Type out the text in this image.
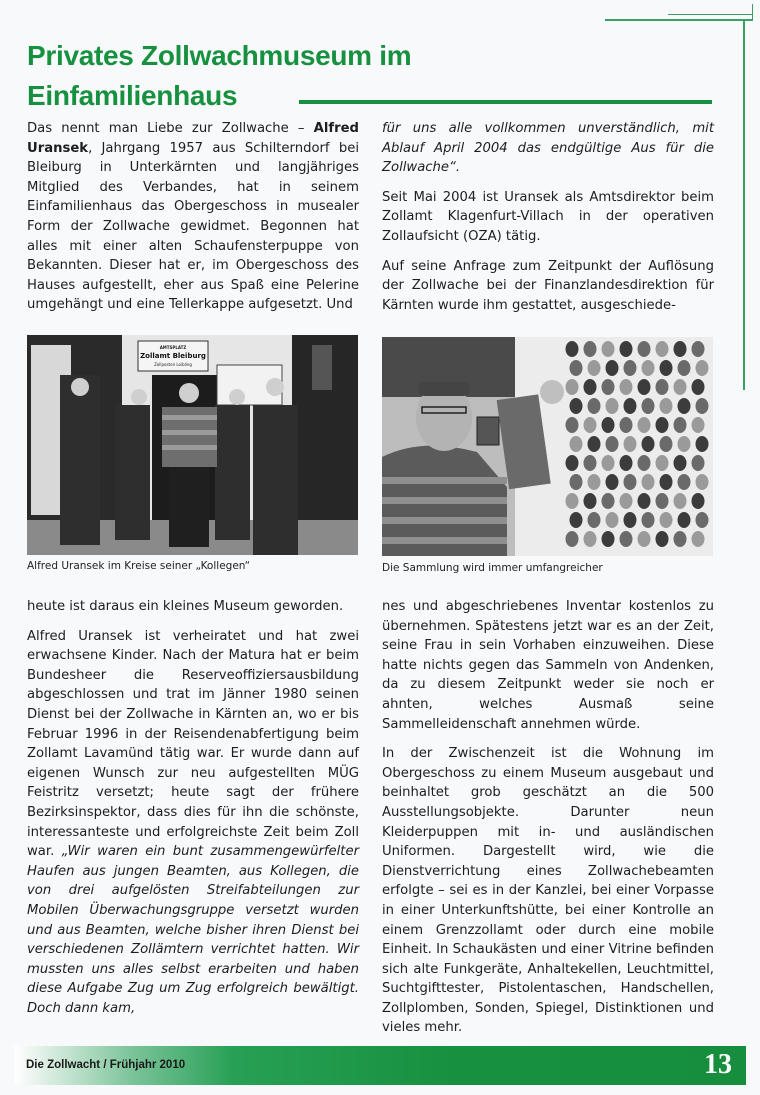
Privates Zollwachmuseum im
Einfamilienhaus

Das nennt man Liebe zur Zollwache – Alfred Uransek, Jahrgang 1957 aus Schilterndorf bei Bleiburg in Unterkärnten und langjähriges Mitglied des Verbandes, hat in seinem Einfamilienhaus das Obergeschoss in musealer Form der Zollwache gewidmet. Begonnen hat alles mit einer alten Schaufensterpuppe von Bekannten. Dieser hat er, im Obergeschoss des Hauses aufgestellt, eher aus Spaß eine Pelerine umgehängt und eine Tellerkappe aufgesetzt. Und

für uns alle vollkommen unverständlich, mit Ablauf April 2004 das endgültige Aus für die Zollwache“.

Seit Mai 2004 ist Uransek als Amtsdirektor beim Zollamt Klagenfurt-Villach in der operativen Zollaufsicht (OZA) tätig.

Auf seine Anfrage zum Zeitpunkt der Auflösung der Zollwache bei der Finanzlandesdirektion für Kärnten wurde ihm gestattet, ausgeschiede-

AMTSPLATZ
Zollamt Bleiburg
Zollposten Loibling
Alfred Uransek im Kreise seiner „Kollegen“	Die Sammlung wird immer umfangreicher

heute ist daraus ein kleines Museum geworden.

Alfred Uransek ist verheiratet und hat zwei erwachsene Kinder. Nach der Matura hat er beim Bundesheer die Reserveoffiziersausbildung abgeschlossen und trat im Jänner 1980 seinen Dienst bei der Zollwache in Kärnten an, wo er bis Februar 1996 in der Reisendenabfertigung beim Zollamt Lavamünd tätig war. Er wurde dann auf eigenen Wunsch zur neu aufgestellten MÜG Feistritz versetzt; heute sagt der frühere Bezirksinspektor, dass dies für ihn die schönste, interessanteste und erfolgreichste Zeit beim Zoll war. „Wir waren ein bunt zusammengewürfelter Haufen aus jungen Beamten, aus Kollegen, die von drei aufgelösten Streifabteilungen zur Mobilen Überwachungsgruppe versetzt wurden und aus Beamten, welche bisher ihren Dienst bei verschiedenen Zollämtern verrichtet hatten. Wir mussten uns alles selbst erarbeiten und haben diese Aufgabe Zug um Zug erfolgreich bewältigt. Doch dann kam,

nes und abgeschriebenes Inventar kostenlos zu übernehmen. Spätestens jetzt war es an der Zeit, seine Frau in sein Vorhaben einzuweihen. Diese hatte nichts gegen das Sammeln von Andenken, da zu diesem Zeitpunkt weder sie noch er ahnten, welches Ausmaß seine Sammelleidenschaft annehmen würde.

In der Zwischenzeit ist die Wohnung im Obergeschoss zu einem Museum ausgebaut und beinhaltet grob geschätzt an die 500 Ausstellungsobjekte. Darunter neun Kleiderpuppen mit in- und ausländischen Uniformen. Dargestellt wird, wie die Dienstverrichtung eines Zollwachebeamten erfolgte – sei es in der Kanzlei, bei einer Vorpasse in einer Unterkunftshütte, bei einer Kontrolle an einem Grenzzollamt oder durch eine mobile Einheit. In Schaukästen und einer Vitrine befinden sich alte Funkgeräte, Anhaltekellen, Leuchtmittel, Suchtgifttester, Pistolentaschen, Handschellen, Zollplomben, Sonden, Spiegel, Distinktionen und vieles mehr.

Die Zollwacht / Frühjahr 2010	13
